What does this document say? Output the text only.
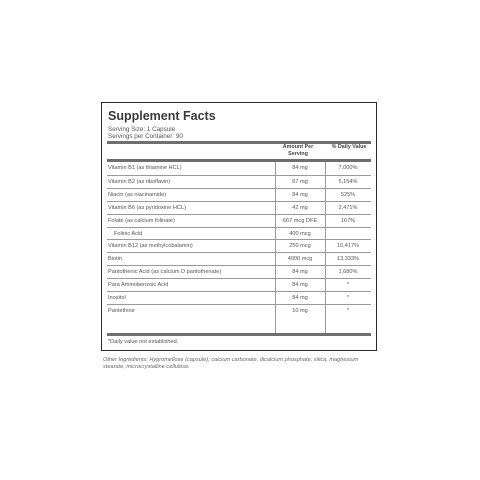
Supplement Facts
Serving Size: 1 Capsule
Servings per Container: 90
Amount Per Serving
% Daily Value
Vitamin B1 (as thiamine HCL)	84 mg	7,000%
Vitamin B2 (as riboflavin)	67 mg	5,154%
Niacin (as niacinamide)	84 mg	525%
Vitamin B6 (as pyridoxine HCL)	42 mg	2,471%
Folate (as calcium folinate)	667 mcg DFE	167%
Folinic Acid	400 mcg
Vitamin B12 (as methylcobalamin)	250 mcg	10,417%
Biotin	4000 mcg	13,333%
Pantothenic Acid (as calcium D pantothenate)	84 mg	1,680%
Para Aminobenzoic Acid	84 mg	*
Inositol	84 mg	*
Pantethine	10 mg	*
*Daily value not established.
Other Ingredients: Hypromellose (capsule), calcium carbonate, dicalcium phosphate, silica, magnesium stearate, microcrystalline cellulose.
